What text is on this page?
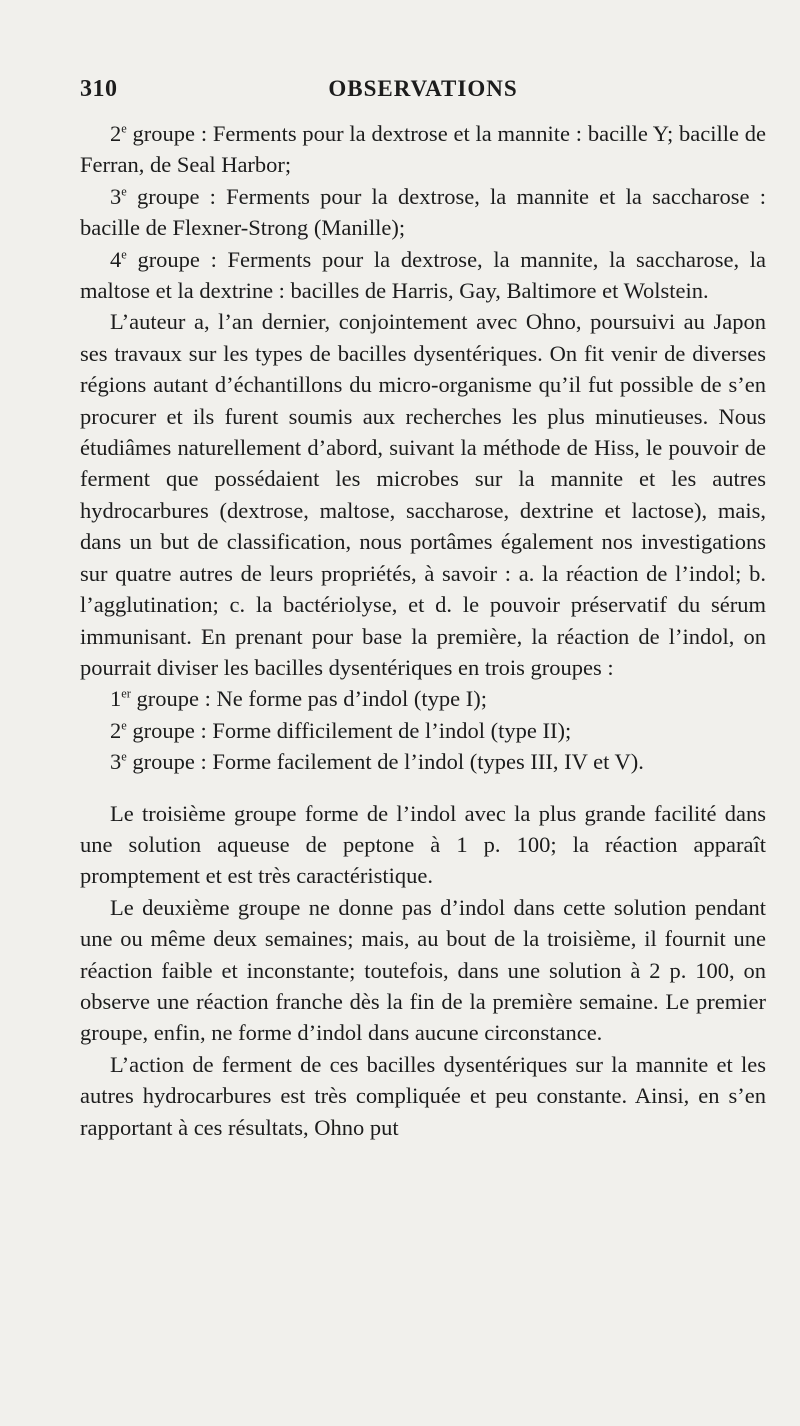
310	OBSERVATIONS

2e groupe : Ferments pour la dextrose et la mannite : bacille Y; bacille de Ferran, de Seal Harbor;

3e groupe : Ferments pour la dextrose, la mannite et la saccharose : bacille de Flexner-Strong (Manille);

4e groupe : Ferments pour la dextrose, la mannite, la saccharose, la maltose et la dextrine : bacilles de Harris, Gay, Baltimore et Wolstein.

L’auteur a, l’an dernier, conjointement avec Ohno, poursuivi au Japon ses travaux sur les types de bacilles dysentériques. On fit venir de diverses régions autant d’échantillons du micro-organisme qu’il fut possible de s’en procurer et ils furent soumis aux recherches les plus minutieuses. Nous étudiâmes naturellement d’abord, suivant la méthode de Hiss, le pouvoir de ferment que possédaient les microbes sur la mannite et les autres hydrocarbures (dextrose, maltose, saccharose, dextrine et lactose), mais, dans un but de classification, nous portâmes également nos investigations sur quatre autres de leurs propriétés, à savoir : a. la réaction de l’indol; b. l’agglutination; c. la bactériolyse, et d. le pouvoir préservatif du sérum immunisant. En prenant pour base la première, la réaction de l’indol, on pourrait diviser les bacilles dysentériques en trois groupes :

1er groupe : Ne forme pas d’indol (type I);

2e groupe : Forme difficilement de l’indol (type II);

3e groupe : Forme facilement de l’indol (types III, IV et V).

Le troisième groupe forme de l’indol avec la plus grande facilité dans une solution aqueuse de peptone à 1 p. 100; la réaction apparaît promptement et est très caractéristique.

Le deuxième groupe ne donne pas d’indol dans cette solution pendant une ou même deux semaines; mais, au bout de la troisième, il fournit une réaction faible et inconstante; toutefois, dans une solution à 2 p. 100, on observe une réaction franche dès la fin de la première semaine. Le premier groupe, enfin, ne forme d’indol dans aucune circonstance.

L’action de ferment de ces bacilles dysentériques sur la mannite et les autres hydrocarbures est très compliquée et peu constante. Ainsi, en s’en rapportant à ces résultats, Ohno put
